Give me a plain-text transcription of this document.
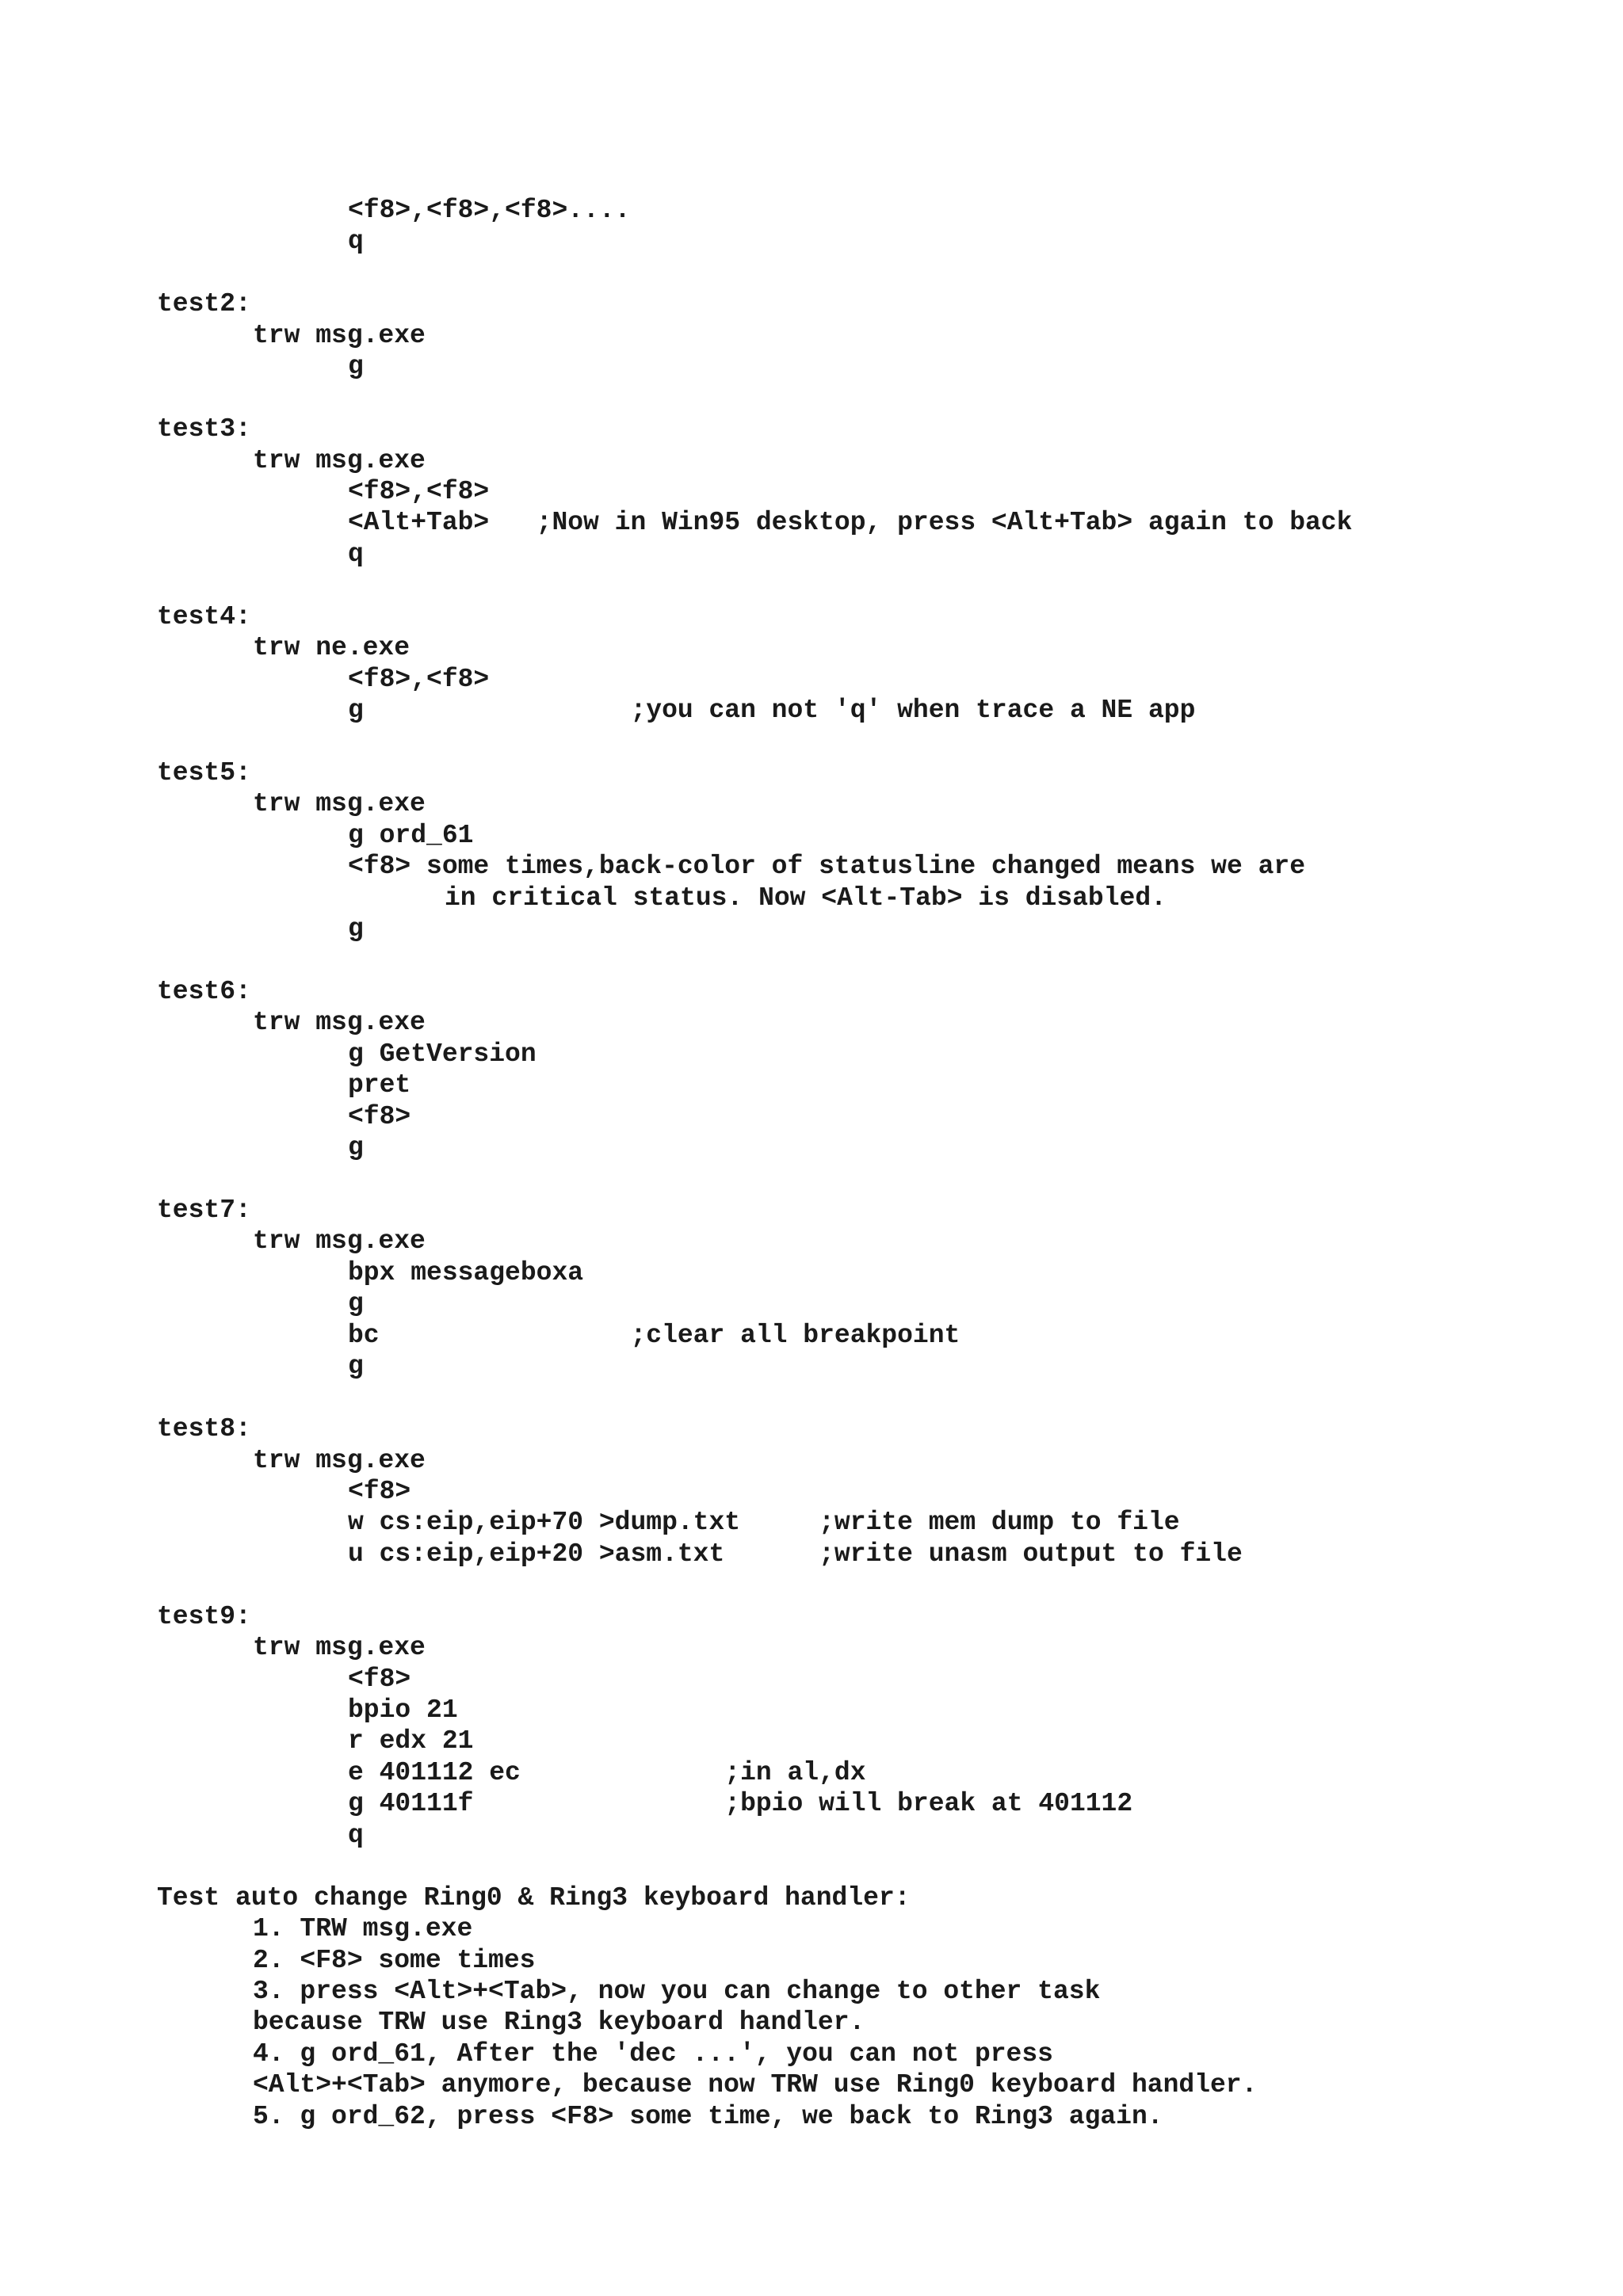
<f8>,<f8>,<f8>....
q
test2:
trw msg.exe
g
test3:
trw msg.exe
<f8>,<f8>
<Alt+Tab>   ;Now in Win95 desktop, press <Alt+Tab> again to back
q
test4:
trw ne.exe
<f8>,<f8>
g                 ;you can not 'q' when trace a NE app
test5:
trw msg.exe
g ord_61
<f8> some times,back-color of statusline changed means we are
in critical status. Now <Alt-Tab> is disabled.
g
test6:
trw msg.exe
g GetVersion
pret
<f8>
g
test7:
trw msg.exe
bpx messageboxa
g
bc                ;clear all breakpoint
g
test8:
trw msg.exe
<f8>
w cs:eip,eip+70 >dump.txt     ;write mem dump to file
u cs:eip,eip+20 >asm.txt      ;write unasm output to file
test9:
trw msg.exe
<f8>
bpio 21
r edx 21
e 401112 ec             ;in al,dx
g 40111f                ;bpio will break at 401112
q
Test auto change Ring0 & Ring3 keyboard handler:
1. TRW msg.exe
2. <F8> some times
3. press <Alt>+<Tab>, now you can change to other task
because TRW use Ring3 keyboard handler.
4. g ord_61, After the 'dec ...', you can not press
<Alt>+<Tab> anymore, because now TRW use Ring0 keyboard handler.
5. g ord_62, press <F8> some time, we back to Ring3 again.
